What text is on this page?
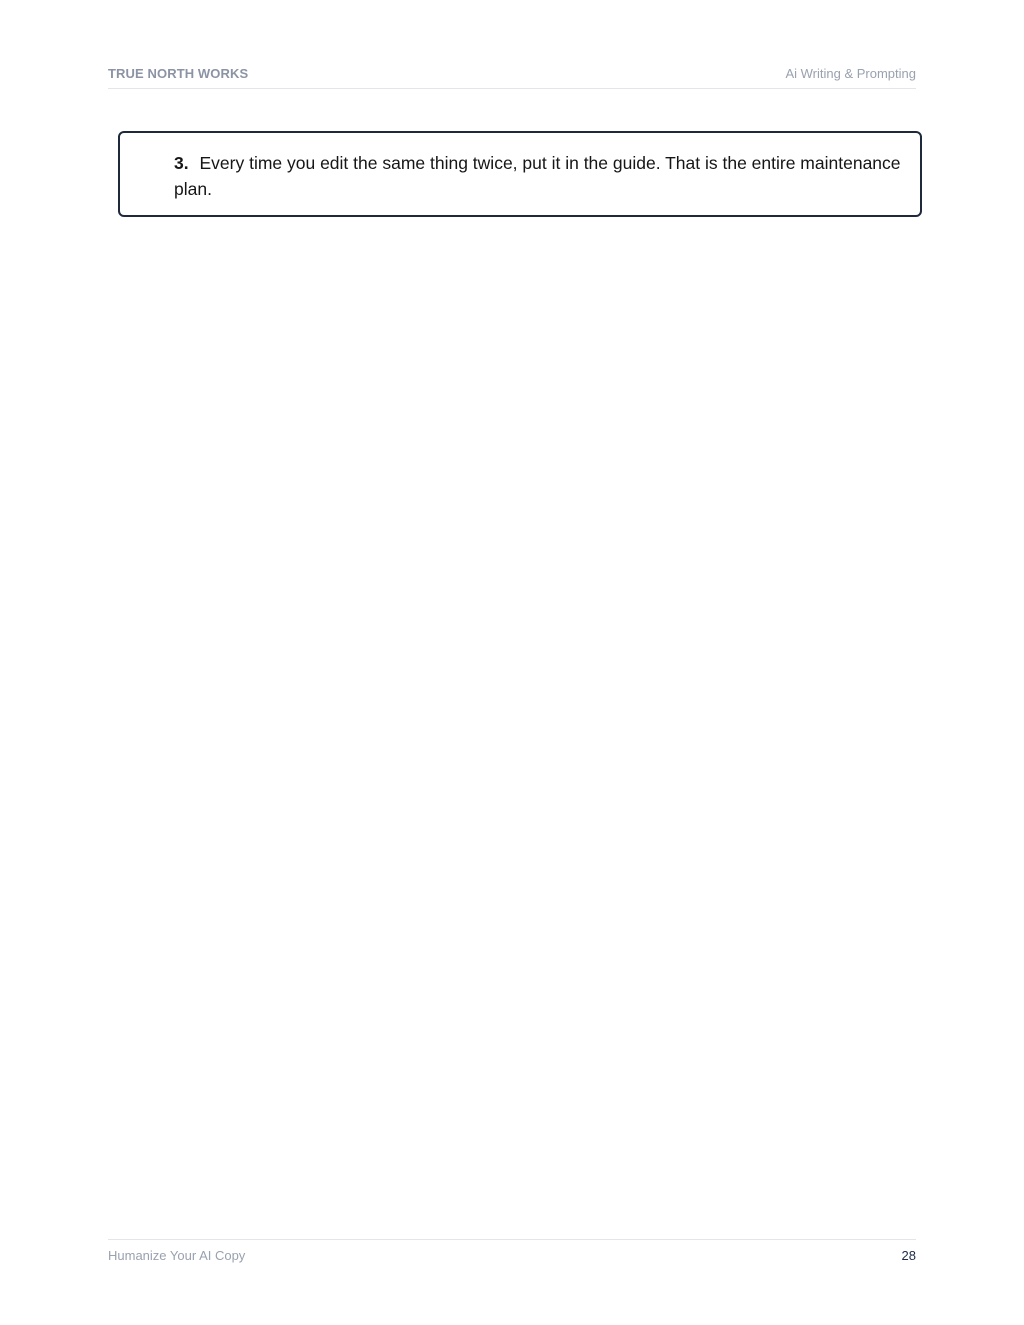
TRUE NORTH WORKS	Ai Writing & Prompting
3. Every time you edit the same thing twice, put it in the guide. That is the entire maintenance plan.
Humanize Your AI Copy	28
